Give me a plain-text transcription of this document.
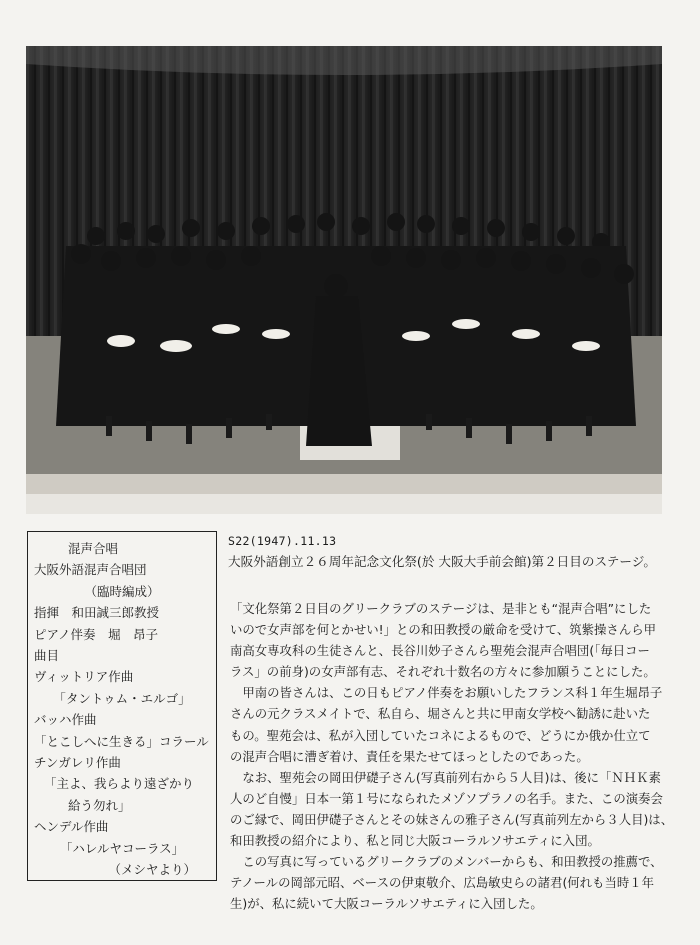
混声合唱
大阪外語混声合唱団
（臨時編成）
指揮　和田誠三郎教授
ピアノ伴奏　堀　昂子
曲目
ヴィットリア作曲
「タントゥム・エルゴ」
バッハ作曲
「とこしへに生きる」コラール
チンガレリ作曲
「主よ、我らより遠ざかり
給う勿れ」
ヘンデル作曲
「ハレルヤコーラス」
（メシヤより）
S22(1947).11.13
大阪外語創立２６周年記念文化祭(於 大阪大手前会館)第２日目のステージ。
「文化祭第２日目のグリークラブのステージは、是非とも“混声合唱”にした
いので女声部を何とかせい!」との和田教授の厳命を受けて、筑紫操さんら甲
南高女専攻科の生徒さんと、長谷川妙子さんら聖苑会混声合唱団(「毎日コー
ラス」の前身)の女声部有志、それぞれ十数名の方々に参加願うことにした。
　甲南の皆さんは、この日もピアノ伴奏をお願いしたフランス科１年生堀昂子
さんの元クラスメイトで、私自ら、堀さんと共に甲南女学校へ勧誘に赴いた
もの。聖苑会は、私が入団していたコネによるもので、どうにか俄か仕立て
の混声合唱に漕ぎ着け、責任を果たせてほっとしたのであった。
　なお、聖苑会の岡田伊礎子さん(写真前列右から５人目)は、後に「ＮＨＫ素
人のど自慢」日本一第１号になられたメゾソプラノの名手。また、この演奏会
のご縁で、岡田伊礎子さんとその妹さんの雅子さん(写真前列左から３人目)は、
和田教授の紹介により、私と同じ大阪コーラルソサエティに入団。
　この写真に写っているグリークラブのメンバーからも、和田教授の推薦で、
テノールの岡部元昭、ベースの伊東敬介、広島敏史らの諸君(何れも当時１年
生)が、私に続いて大阪コーラルソサエティに入団した。
